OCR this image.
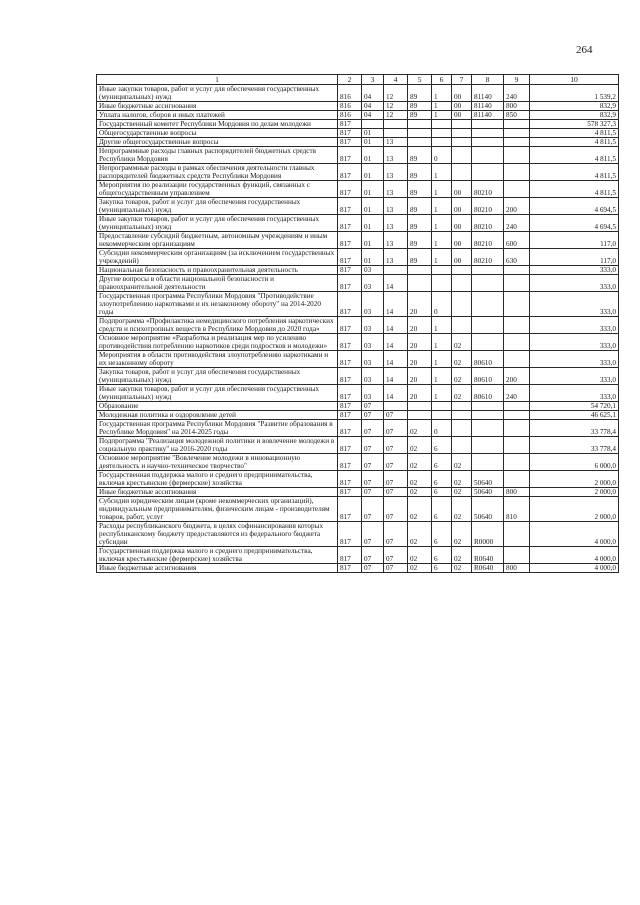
264
1	2	3	4	5	6	7	8	9	10
Иные закупки товаров, работ и услуг для обеспечения государственных (муниципальных) нужд	816	04	12	89	1	00	81140	240	1 539,2
Иные бюджетные ассигнования	816	04	12	89	1	00	81140	800	832,9
Уплата налогов, сборов и иных платежей	816	04	12	89	1	00	81140	850	832,9
Государственный комитет Республики Мордовия по делам молодежи	817								578 327,3
Общегосударственные вопросы	817	01							4 811,5
Другие общегосударственные вопросы	817	01	13						4 811,5
Непрограммные расходы главных распорядителей бюджетных средств Республики Мордовия	817	01	13	89	0				4 811,5
Непрограммные расходы в рамках обеспечения деятельности главных распорядителей бюджетных средств Республики Мордовия	817	01	13	89	1				4 811,5
Мероприятия по реализации государственных функций, связанных с общегосударственным управлением	817	01	13	89	1	00	80210		4 811,5
Закупка товаров, работ и услуг для обеспечения государственных (муниципальных) нужд	817	01	13	89	1	00	80210	200	4 694,5
Иные закупки товаров, работ и услуг для обеспечения государственных (муниципальных) нужд	817	01	13	89	1	00	80210	240	4 694,5
Предоставление субсидий бюджетным, автономным учреждениям и иным некоммерческим организациям	817	01	13	89	1	00	80210	600	117,0
Субсидии некоммерческим организациям (за исключением государственных учреждений)	817	01	13	89	1	00	80210	630	117,0
Национальная безопасность и правоохранительная деятельность	817	03							333,0
Другие вопросы в области национальной безопасности и правоохранительной деятельности	817	03	14						333,0
Государственная программа Республики Мордовия "Противодействие злоупотреблению наркотиками и их незаконному обороту" на 2014-2020 годы	817	03	14	20	0				333,0
Подпрограмма «Профилактика немедицинского потребления наркотических средств и психотропных веществ в Республике Мордовия до 2020 года»	817	03	14	20	1				333,0
Основное мероприятие «Разработка и реализация мер по усилению противодействия потреблению наркотиков среди подростков и молодежи»	817	03	14	20	1	02			333,0
Мероприятия в области противодействия злоупотреблению наркотиками и их незаконному обороту	817	03	14	20	1	02	80610		333,0
Закупка товаров, работ и услуг для обеспечения государственных (муниципальных) нужд	817	03	14	20	1	02	80610	200	333,0
Иные закупки товаров, работ и услуг для обеспечения государственных (муниципальных) нужд	817	03	14	20	1	02	80610	240	333,0
Образование	817	07							54 720,1
Молодежная политика и оздоровление детей	817	07	07						46 625,1
Государственная программа Республики Мордовия "Развитие образования в Республике Мордовия" на 2014-2025 годы	817	07	07	02	0				33 778,4
Подпрограмма "Реализация молодежной политики и вовлечение молодежи в социальную практику" на 2016-2020 годы	817	07	07	02	6				33 778,4
Основное мероприятие "Вовлечение молодежи в инновационную деятельность и научно-техническое творчество"	817	07	07	02	6	02			6 000,0
Государственная поддержка малого и среднего предпринимательства, включая крестьянские (фермерские) хозяйства	817	07	07	02	6	02	50640		2 000,0
Иные бюджетные ассигнования	817	07	07	02	6	02	50640	800	2 000,0
Субсидии юридическим лицам (кроме некоммерческих организаций), индивидуальным предпринимателям, физическим лицам - производителям товаров, работ, услуг	817	07	07	02	6	02	50640	810	2 000,0
Расходы республиканского бюджета, в целях софинансирования которых республиканскому бюджету предоставляются из федерального бюджета субсидии	817	07	07	02	6	02	R0000		4 000,0
Государственная поддержка малого и среднего предпринимательства, включая крестьянские (фермерские) хозяйства	817	07	07	02	6	02	R0640		4 000,0
Иные бюджетные ассигнования	817	07	07	02	6	02	R0640	800	4 000,0
